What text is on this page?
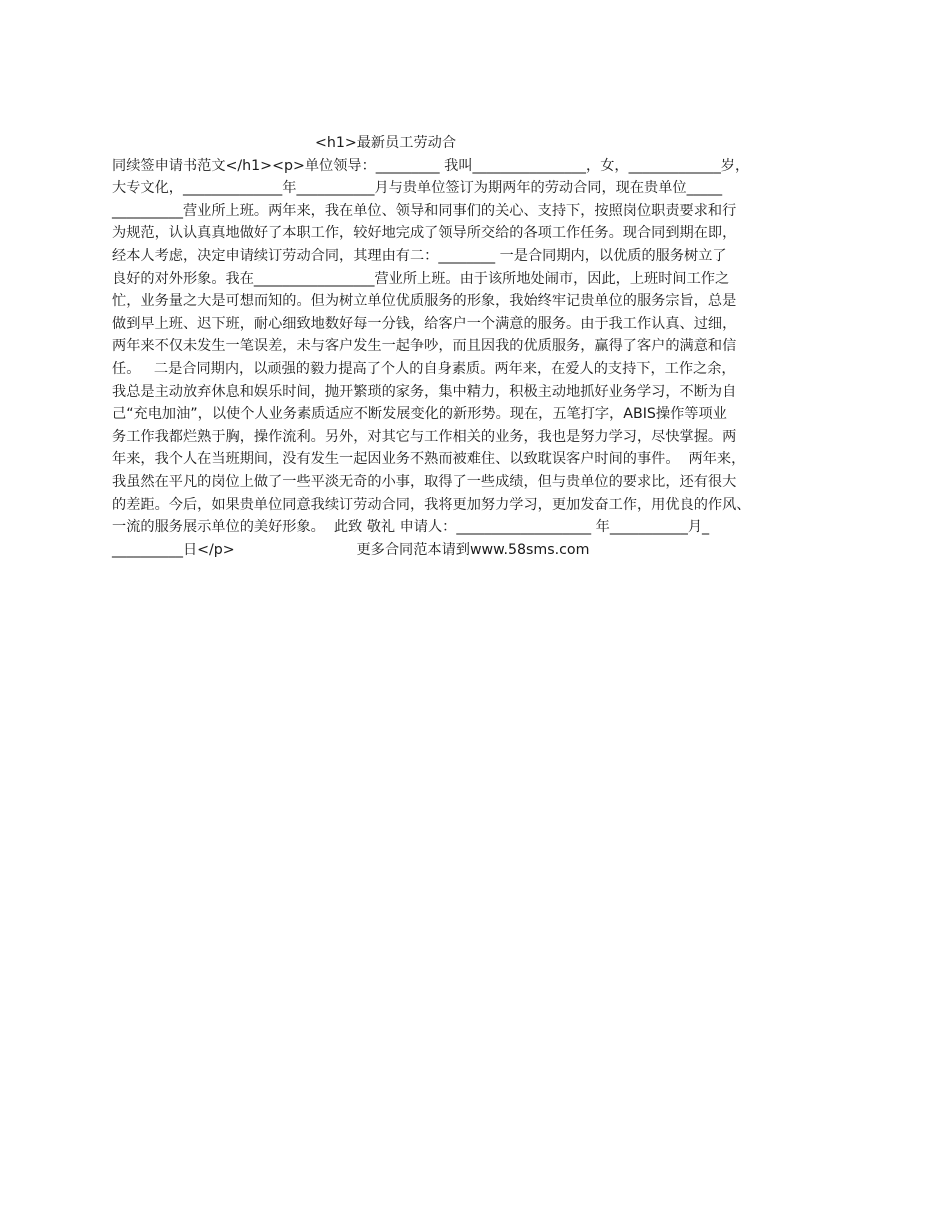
<h1>最新员工劳动合
同续签申请书范文</h1><p>单位领导：_________ 我叫________________，女，_____________岁，
大专文化，______________年___________月与贵单位签订为期两年的劳动合同，现在贵单位_____
__________营业所上班。两年来，我在单位、领导和同事们的关心、支持下，按照岗位职责要求和行
为规范，认认真真地做好了本职工作，较好地完成了领导所交给的各项工作任务。现合同到期在即，
经本人考虑，决定申请续订劳动合同，其理由有二：________ 一是合同期内，以优质的服务树立了
良好的对外形象。我在_________________营业所上班。由于该所地处闹市，因此，上班时间工作之
忙，业务量之大是可想而知的。但为树立单位优质服务的形象，我始终牢记贵单位的服务宗旨，总是
做到早上班、迟下班，耐心细致地数好每一分钱，给客户一个满意的服务。由于我工作认真、过细，
两年来不仅未发生一笔误差，未与客户发生一起争吵，而且因我的优质服务，赢得了客户的满意和信
任。   二是合同期内，以顽强的毅力提高了个人的自身素质。两年来，在爱人的支持下，工作之余，
我总是主动放弃休息和娱乐时间，抛开繁琐的家务，集中精力，积极主动地抓好业务学习，不断为自
己“充电加油”，以使个人业务素质适应不断发展变化的新形势。现在，五笔打字，ABIS操作等项业
务工作我都烂熟于胸，操作流利。另外，对其它与工作相关的业务，我也是努力学习，尽快掌握。两
年来，我个人在当班期间，没有发生一起因业务不熟而被难住、以致耽误客户时间的事件。  两年来，
我虽然在平凡的岗位上做了一些平淡无奇的小事，取得了一些成绩，但与贵单位的要求比，还有很大
的差距。今后，如果贵单位同意我续订劳动合同，我将更加努力学习，更加发奋工作，用优良的作风、
一流的服务展示单位的美好形象。  此致 敬礼 申请人：___________________ 年___________月_
__________日</p>                           更多合同范本请到www.58sms.com
